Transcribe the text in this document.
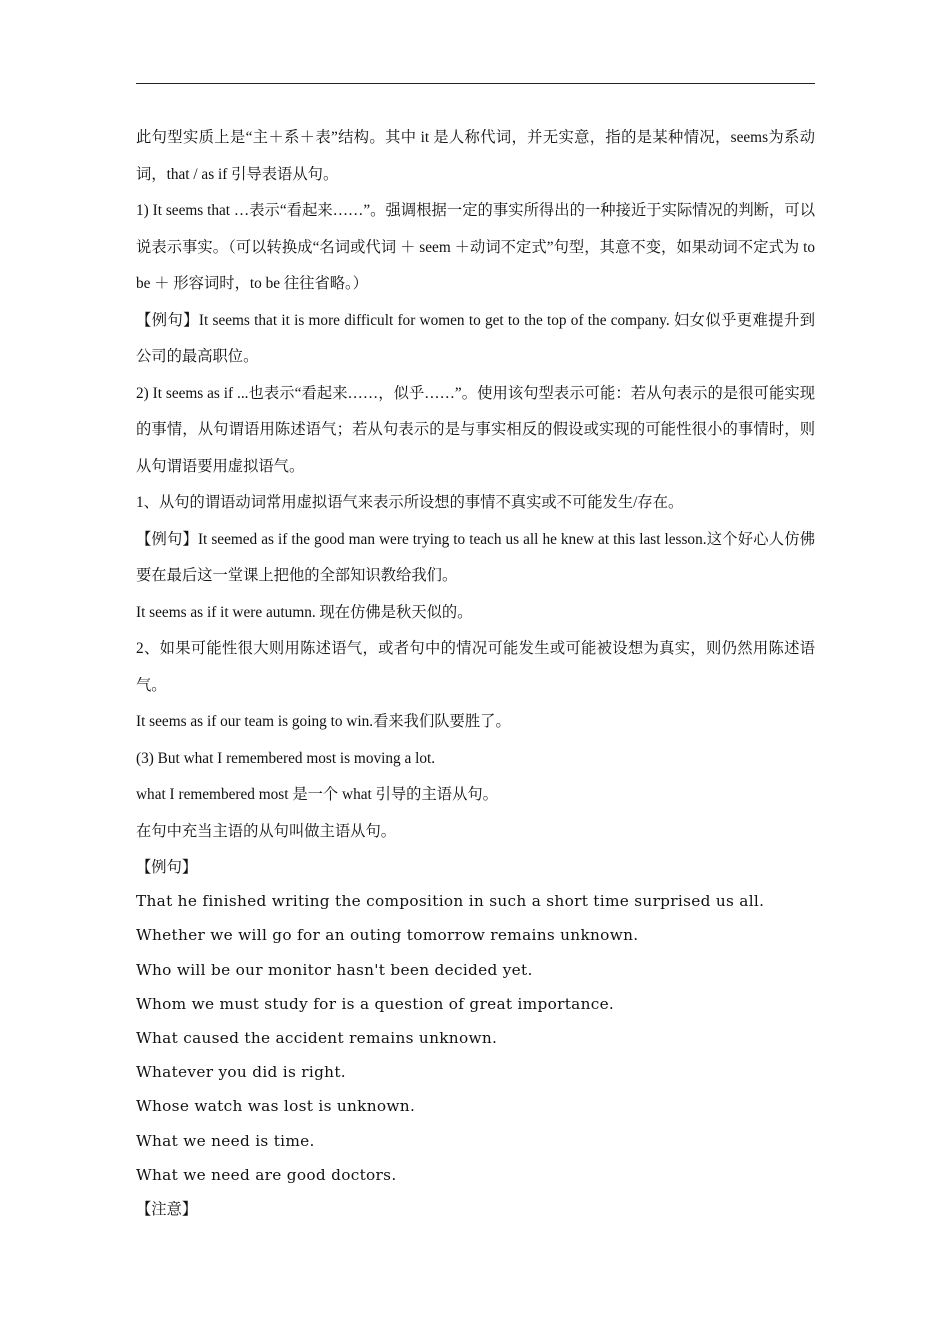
此句型实质上是“主＋系＋表”结构。其中 it 是人称代词，并无实意，指的是某种情况，seems为系动词，that / as if 引导表语从句。

1) It seems that …表示“看起来……”。强调根据一定的事实所得出的一种接近于实际情况的判断，可以说表示事实。（可以转换成“名词或代词 ＋ seem ＋动词不定式”句型，其意不变，如果动词不定式为 to be ＋ 形容词时，to be 往往省略。）

【例句】It seems that it is more difficult for women to get to the top of the company. 妇女似乎更难提升到公司的最高职位。

2) It seems as if ...也表示“看起来……，似乎……”。使用该句型表示可能：若从句表示的是很可能实现的事情，从句谓语用陈述语气；若从句表示的是与事实相反的假设或实现的可能性很小的事情时，则从句谓语要用虚拟语气。

1、从句的谓语动词常用虚拟语气来表示所设想的事情不真实或不可能发生/存在。

【例句】It seemed as if the good man were trying to teach us all he knew at this last lesson.这个好心人仿佛要在最后这一堂课上把他的全部知识教给我们。

It seems as if it were autumn. 现在仿佛是秋天似的。

2、如果可能性很大则用陈述语气，或者句中的情况可能发生或可能被设想为真实，则仍然用陈述语气。

It seems as if our team is going to win.看来我们队要胜了。

(3) But what I remembered most is moving a lot.

what I remembered most 是一个 what 引导的主语从句。

在句中充当主语的从句叫做主语从句。

【例句】

That he finished writing the composition in such a short time surprised us all.

Whether we will go for an outing tomorrow remains unknown.

Who will be our monitor hasn't been decided yet.

Whom we must study for is a question of great importance.

What caused the accident remains unknown.

Whatever you did is right.

Whose watch was lost is unknown.

What we need is time.

What we need are good doctors.

【注意】
